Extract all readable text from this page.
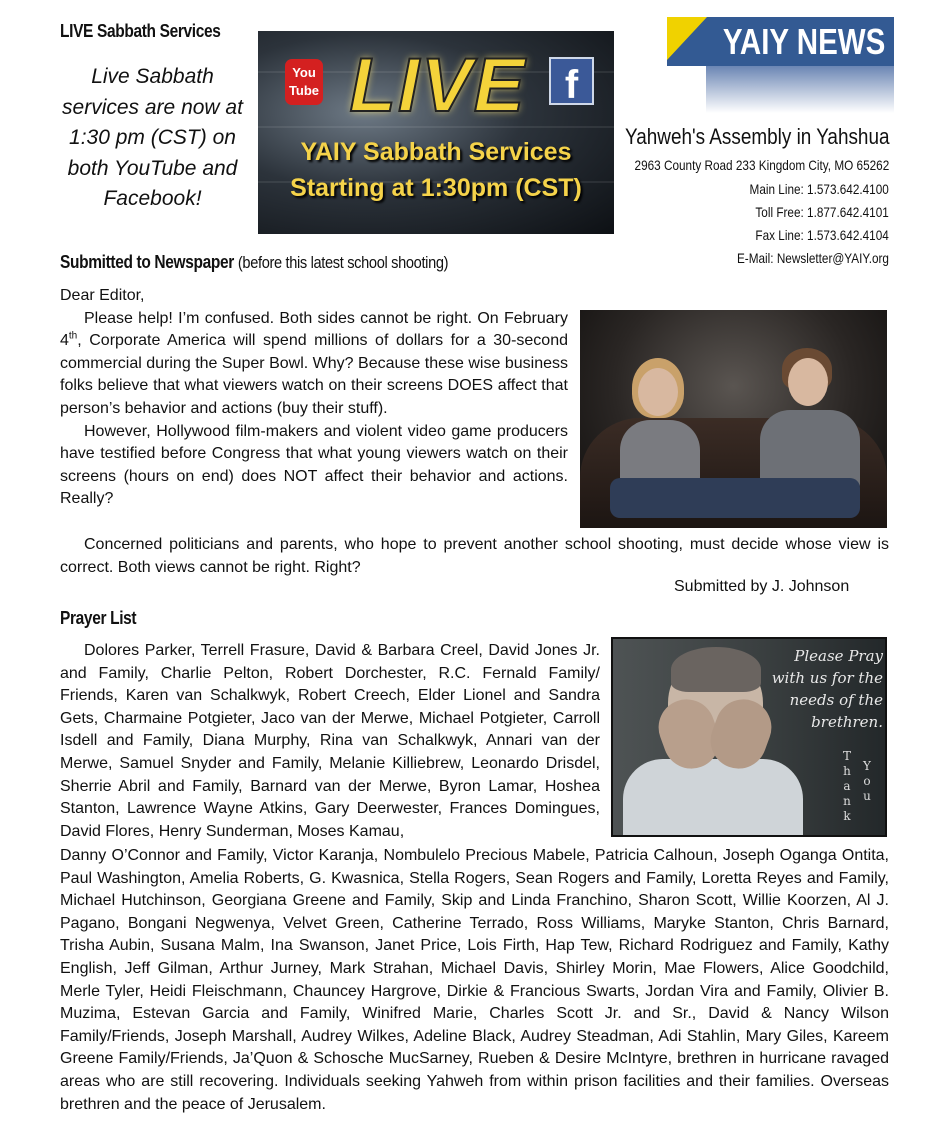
LIVE Sabbath Services
Live Sabbath services are now at 1:30 pm (CST) on both YouTube and Facebook!
You
Tube LIVE f
YAIY Sabbath Services
Starting at 1:30pm (CST)
YAIY NEWS
Yahweh's Assembly in Yahshua
2963 County Road 233 Kingdom City, MO 65262
Main Line: 1.573.642.4100
Toll Free: 1.877.642.4101
Fax Line: 1.573.642.4104
E-Mail: Newsletter@YAIY.org
Submitted to Newspaper (before this latest school shooting)

Dear Editor,

Please help! I’m confused. Both sides cannot be right. On February 4th, Corporate America will spend millions of dollars for a 30-second commercial during the Super Bowl. Why? Because these wise business folks believe that what viewers watch on their screens DOES affect that person’s behavior and actions (buy their stuff).

However, Hollywood film-makers and violent video game producers have testified before Congress that what young viewers watch on their screens (hours on end) does NOT affect their behavior and actions. Really?

Concerned politicians and parents, who hope to prevent another school shooting, must decide whose view is correct. Both views cannot be right. Right?

Submitted by J. Johnson
Prayer List

Dolores Parker, Terrell Frasure, David & Barbara Creel, David Jones Jr. and Family, Charlie Pelton, Robert Dorchester, R.C. Fernald Family/ Friends, Karen van Schalkwyk, Robert Creech, Elder Lionel and Sandra Gets, Charmaine Potgieter, Jaco van der Merwe, Michael Potgieter, Carroll Isdell and Family, Diana Murphy, Rina van Schalkwyk, Annari van der Merwe, Samuel Snyder and Family, Melanie Killiebrew, Leonardo Drisdel, Sherrie Abril and Family, Barnard van der Merwe, Byron Lamar, Hoshea Stanton, Lawrence Wayne Atkins, Gary Deerwester, Frances Domingues, David Flores, Henry Sunderman, Moses Kamau,

Please Pray with us for the needs of the brethren.
T
h
a
n
k
Y
o
u

Danny O’Connor and Family, Victor Karanja, Nombulelo Precious Mabele, Patricia Calhoun, Joseph Oganga Ontita, Paul Washington, Amelia Roberts, G. Kwasnica, Stella Rogers, Sean Rogers and Family, Loretta Reyes and Family, Michael Hutchinson, Georgiana Greene and Family, Skip and Linda Franchino, Sharon Scott, Willie Koorzen, Al J. Pagano, Bongani Negwenya, Velvet Green, Catherine Terrado, Ross Williams, Maryke Stanton, Chris Barnard, Trisha Aubin, Susana Malm, Ina Swanson, Janet Price, Lois Firth, Hap Tew, Richard Rodriguez and Family, Kathy English, Jeff Gilman, Arthur Jurney, Mark Strahan, Michael Davis, Shirley Morin, Mae Flowers, Alice Goodchild, Merle Tyler, Heidi Fleischmann, Chauncey Hargrove, Dirkie & Francious Swarts, Jordan Vira and Family, Olivier B. Muzima, Estevan Garcia and Family, Winifred Marie, Charles Scott Jr. and Sr., David & Nancy Wilson Family/Friends, Joseph Marshall, Audrey Wilkes, Adeline Black, Audrey Steadman, Adi Stahlin, Mary Giles, Kareem Greene Family/Friends, Ja’Quon & Schosche MucSarney, Rueben & Desire McIntyre, brethren in hurricane ravaged areas who are still recovering. Individuals seeking Yahweh from within prison facilities and their families. Overseas brethren and the peace of Jerusalem.
